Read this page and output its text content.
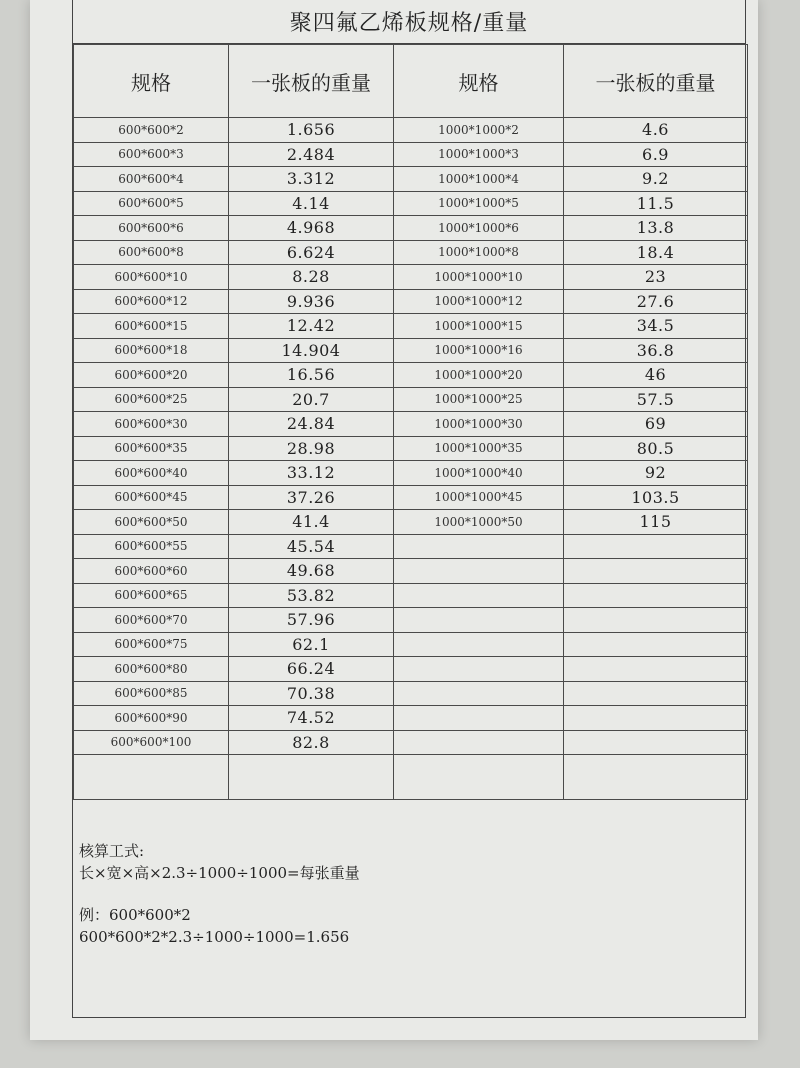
聚四氟乙烯板规格/重量
规格	一张板的重量	规格	一张板的重量
600*600*2	1.656	1000*1000*2	4.6
600*600*3	2.484	1000*1000*3	6.9
600*600*4	3.312	1000*1000*4	9.2
600*600*5	4.14	1000*1000*5	11.5
600*600*6	4.968	1000*1000*6	13.8
600*600*8	6.624	1000*1000*8	18.4
600*600*10	8.28	1000*1000*10	23
600*600*12	9.936	1000*1000*12	27.6
600*600*15	12.42	1000*1000*15	34.5
600*600*18	14.904	1000*1000*16	36.8
600*600*20	16.56	1000*1000*20	46
600*600*25	20.7	1000*1000*25	57.5
600*600*30	24.84	1000*1000*30	69
600*600*35	28.98	1000*1000*35	80.5
600*600*40	33.12	1000*1000*40	92
600*600*45	37.26	1000*1000*45	103.5
600*600*50	41.4	1000*1000*50	115
600*600*55	45.54		
600*600*60	49.68		
600*600*65	53.82		
600*600*70	57.96		
600*600*75	62.1		
600*600*80	66.24		
600*600*85	70.38		
600*600*90	74.52		
600*600*100	82.8		

核算工式:
长×宽×高×2.3÷1000÷1000=每张重量
例：600*600*2
600*600*2*2.3÷1000÷1000=1.656
